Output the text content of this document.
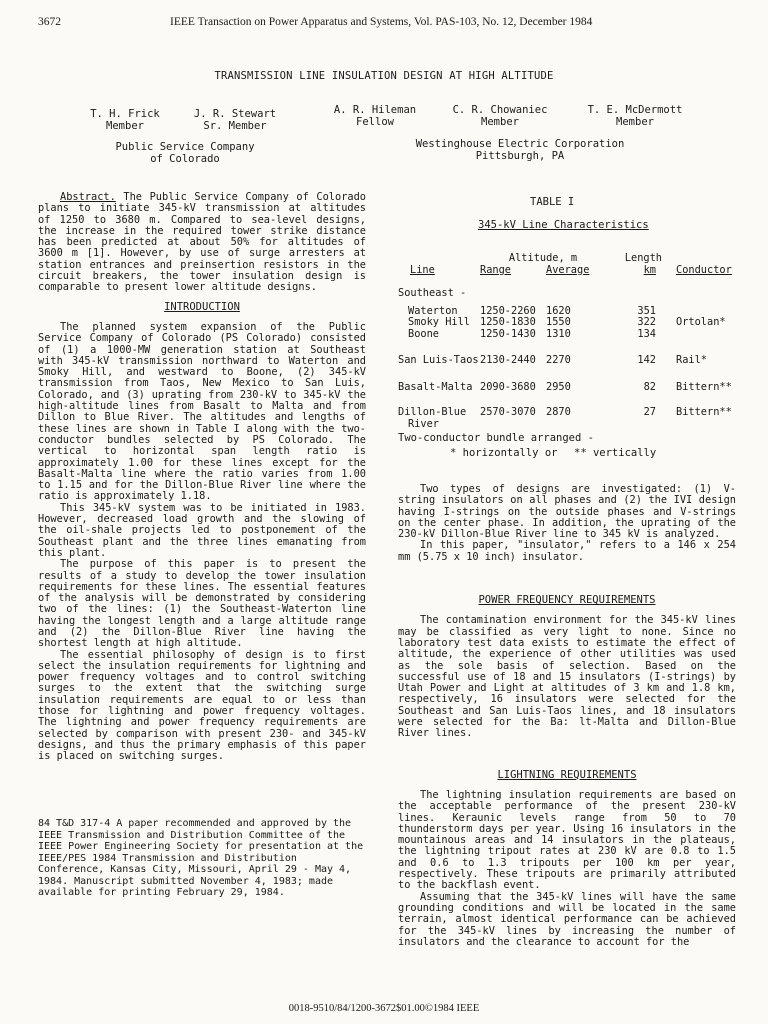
3672	IEEE Transaction on Power Apparatus and Systems, Vol. PAS-103, No. 12, December 1984
TRANSMISSION LINE INSULATION DESIGN AT HIGH ALTITUDE
T. H. Frick
Member
J. R. Stewart
Sr. Member
A. R. Hileman
Fellow
C. R. Chowaniec
Member
T. E. McDermott
Member
Public Service Company
of Colorado
Westinghouse Electric Corporation
Pittsburgh, PA

Abstract. The Public Service Company of Colorado plans to initiate 345-kV transmission at altitudes of 1250 to 3680 m. Compared to sea-level designs, the increase in the required tower strike distance has been predicted at about 50% for altitudes of 3600 m [1]. However, by use of surge arresters at station entrances and preinsertion resistors in the circuit breakers, the tower insulation design is comparable to present lower altitude designs.

INTRODUCTION

The planned system expansion of the Public Service Company of Colorado (PS Colorado) consisted of (1) a 1000-MW generation station at Southeast with 345-kV transmission northward to Waterton and Smoky Hill, and westward to Boone, (2) 345-kV transmission from Taos, New Mexico to San Luis, Colorado, and (3) uprating from 230-kV to 345-kV the high-altitude lines from Basalt to Malta and from Dillon to Blue River. The altitudes and lengths of these lines are shown in Table I along with the two-conductor bundles selected by PS Colorado. The vertical to horizontal span length ratio is approximately 1.00 for these lines except for the Basalt-Malta line where the ratio varies from 1.00 to 1.15 and for the Dillon-Blue River line where the ratio is approximately 1.18.

This 345-kV system was to be initiated in 1983. However, decreased load growth and the slowing of the oil-shale projects led to postponement of the Southeast plant and the three lines emanating from this plant.

The purpose of this paper is to present the results of a study to develop the tower insulation requirements for these lines. The essential features of the analysis will be demonstrated by considering two of the lines: (1) the Southeast-Waterton line having the longest length and a large altitude range and (2) the Dillon-Blue River line having the shortest length at high altitude.

The essential philosophy of design is to first select the insulation requirements for lightning and power frequency voltages and to control switching surges to the extent that the switching surge insulation requirements are equal to or less than those for lightning and power frequency voltages. The lightning and power frequency requirements are selected by comparison with present 230- and 345-kV designs, and thus the primary emphasis of this paper is placed on switching surges.

84 T&D 317-4 A paper recommended and approved by the IEEE Transmission and Distribution Committee of the IEEE Power Engineering Society for presentation at the IEEE/PES 1984 Transmission and Distribution Conference, Kansas City, Missouri, April 29 - May 4, 1984. Manuscript submitted November 4, 1983; made available for printing February 29, 1984.
TABLE I
345-kV Line Characteristics
	Altitude, m		Length	
Line	Range	Average	km	Conductor

Southeast -				

Waterton	1250-2260	1620	351	
Smoky Hill	1250-1830	1550	322	Ortolan*
Boone	1250-1430	1310	134	

San Luis-Taos	2130-2440	2270	142	Rail*

Basalt-Malta	2090-3680	2950	82	Bittern**

Dillon-Blue
River	2570-3070	2870	27	Bittern**
Two-conductor bundle arranged -
* horizontally or ** vertically

Two types of designs are investigated: (1) V-string insulators on all phases and (2) the IVI design having I-strings on the outside phases and V-strings on the center phase. In addition, the uprating of the 230-kV Dillon-Blue River line to 345 kV is analyzed.

In this paper, "insulator," refers to a 146 x 254 mm (5.75 x 10 inch) insulator.

POWER FREQUENCY REQUIREMENTS

The contamination environment for the 345-kV lines may be classified as very light to none. Since no laboratory test data exists to estimate the effect of altitude, the experience of other utilities was used as the sole basis of selection. Based on the successful use of 18 and 15 insulators (I-strings) by Utah Power and Light at altitudes of 3 km and 1.8 km, respectively, 16 insulators were selected for the Southeast and San Luis-Taos lines, and 18 insulators were selected for the Ba: lt-Malta and Dillon-Blue River lines.

LIGHTNING REQUIREMENTS

The lightning insulation requirements are based on the acceptable performance of the present 230-kV lines. Keraunic levels range from 50 to 70 thunderstorm days per year. Using 16 insulators in the mountainous areas and 14 insulators in the plateaus, the lightning tripout rates at 230 kV are 0.8 to 1.5 and 0.6 to 1.3 tripouts per 100 km per year, respectively. These tripouts are primarily attributed to the backflash event.

Assuming that the 345-kV lines will have the same grounding conditions and will be located in the same terrain, almost identical performance can be achieved for the 345-kV lines by increasing the number of insulators and the clearance to account for the

0018-9510/84/1200-3672$01.00©1984 IEEE
